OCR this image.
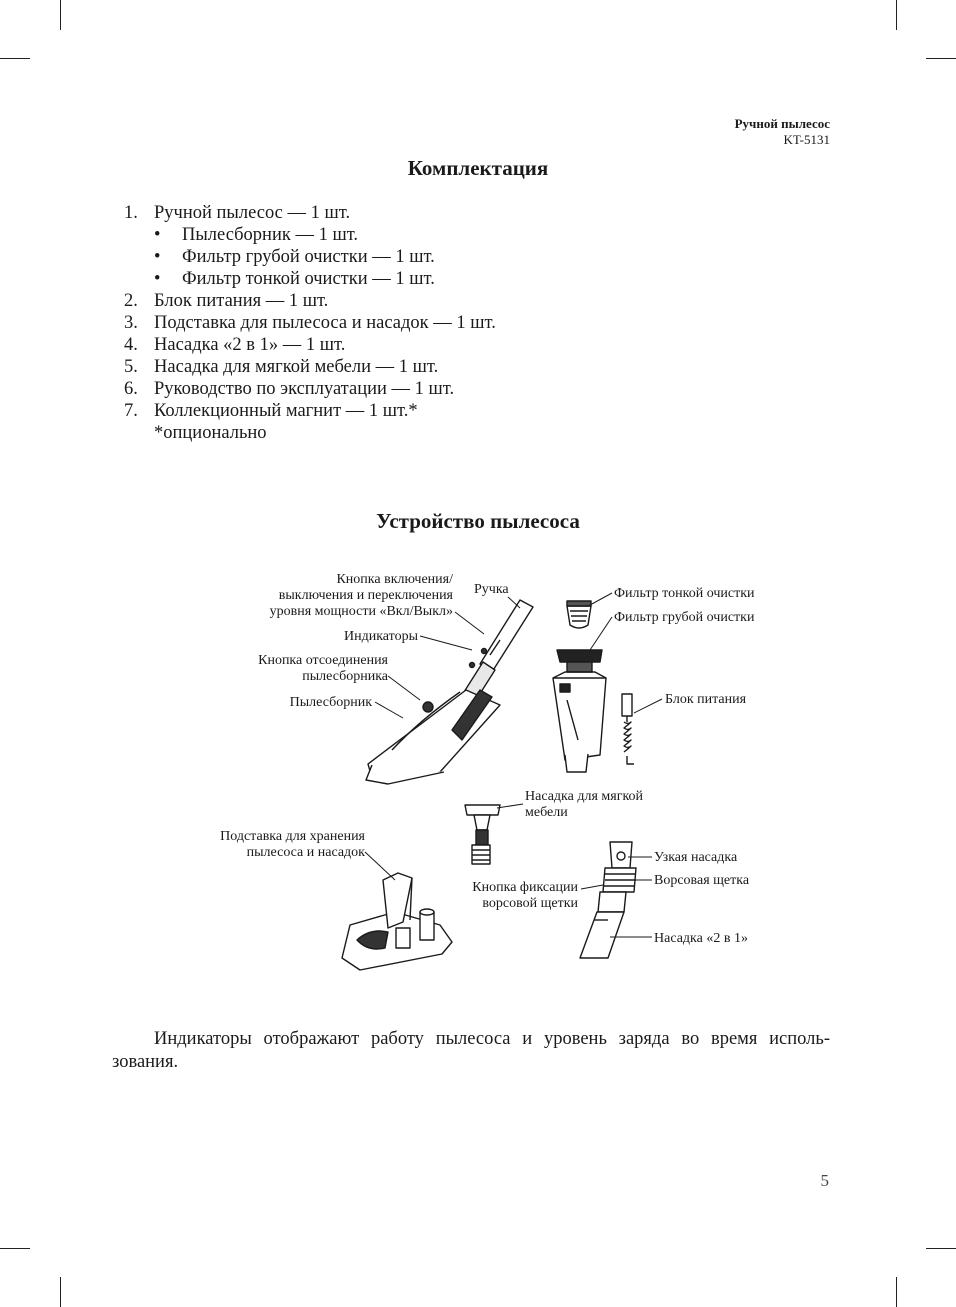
Ручной пылесос
KT-5131
Комплектация
1. Ручной пылесос — 1 шт.
• Пылесборник — 1 шт.
• Фильтр грубой очистки — 1 шт.
• Фильтр тонкой очистки — 1 шт.
2. Блок питания — 1 шт.
3. Подставка для пылесоса и насадок — 1 шт.
4. Насадка «2 в 1» — 1 шт.
5. Насадка для мягкой мебели — 1 шт.
6. Руководство по эксплуатации — 1 шт.
7. Коллекционный магнит — 1 шт.*
*опционально
Устройство пылесоса
Кнопка включения/ выключения и переключения уровня мощности «Вкл/Выкл»
Ручка
Индикаторы
Кнопка отсоединения пылесборника
Пылесборник
Фильтр тонкой очистки
Фильтр грубой очистки
Блок питания
Насадка для мягкой мебели
Подставка для хранения пылесоса и насадок	Узкая насадка
Ворсовая щетка
Кнопка фиксации ворсовой щетки
Насадка «2 в 1»
Индикаторы отображают работу пылесоса и уровень заряда во время исполь-
зования.
5
